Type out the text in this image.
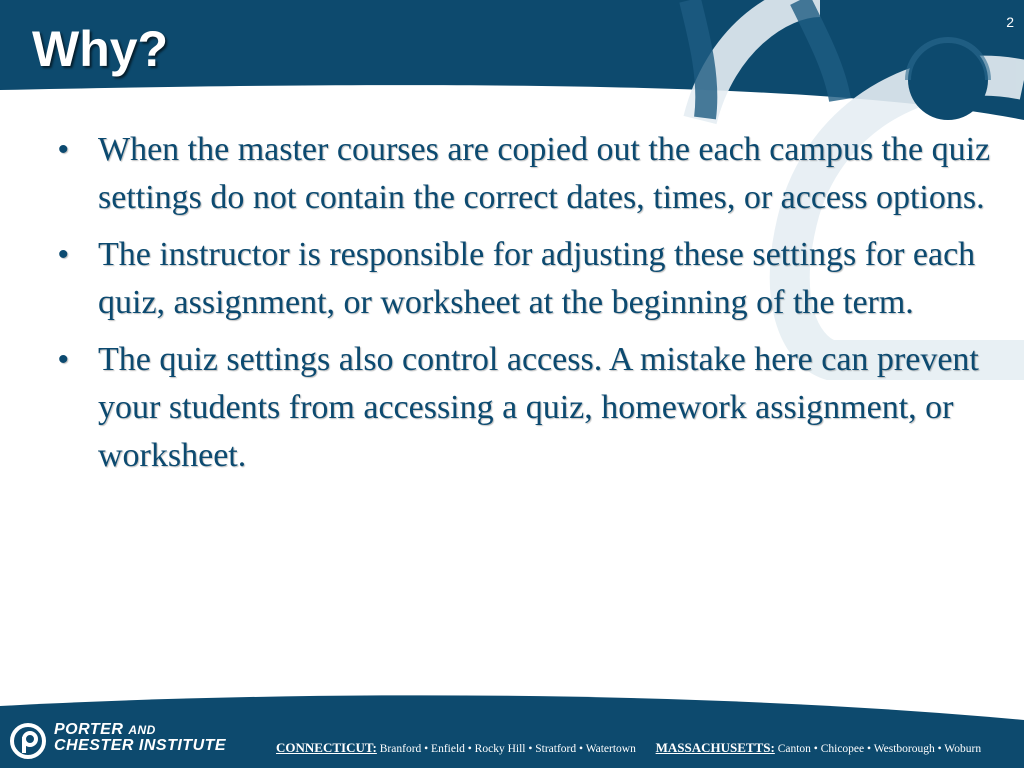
Why?	2
• When the master courses are copied out the each campus the quiz settings do not contain the correct dates, times, or access options.
• The instructor is responsible for adjusting these settings for each quiz, assignment, or worksheet at the beginning of the term.
• The quiz settings also control access. A mistake here can prevent your students from accessing a quiz, homework assignment, or worksheet.
PORTER AND
CHESTER INSTITUTE	CONNECTICUT: Branford • Enfield • Rocky Hill • Stratford • Watertown MASSACHUSETTS: Canton • Chicopee • Westborough • Woburn
